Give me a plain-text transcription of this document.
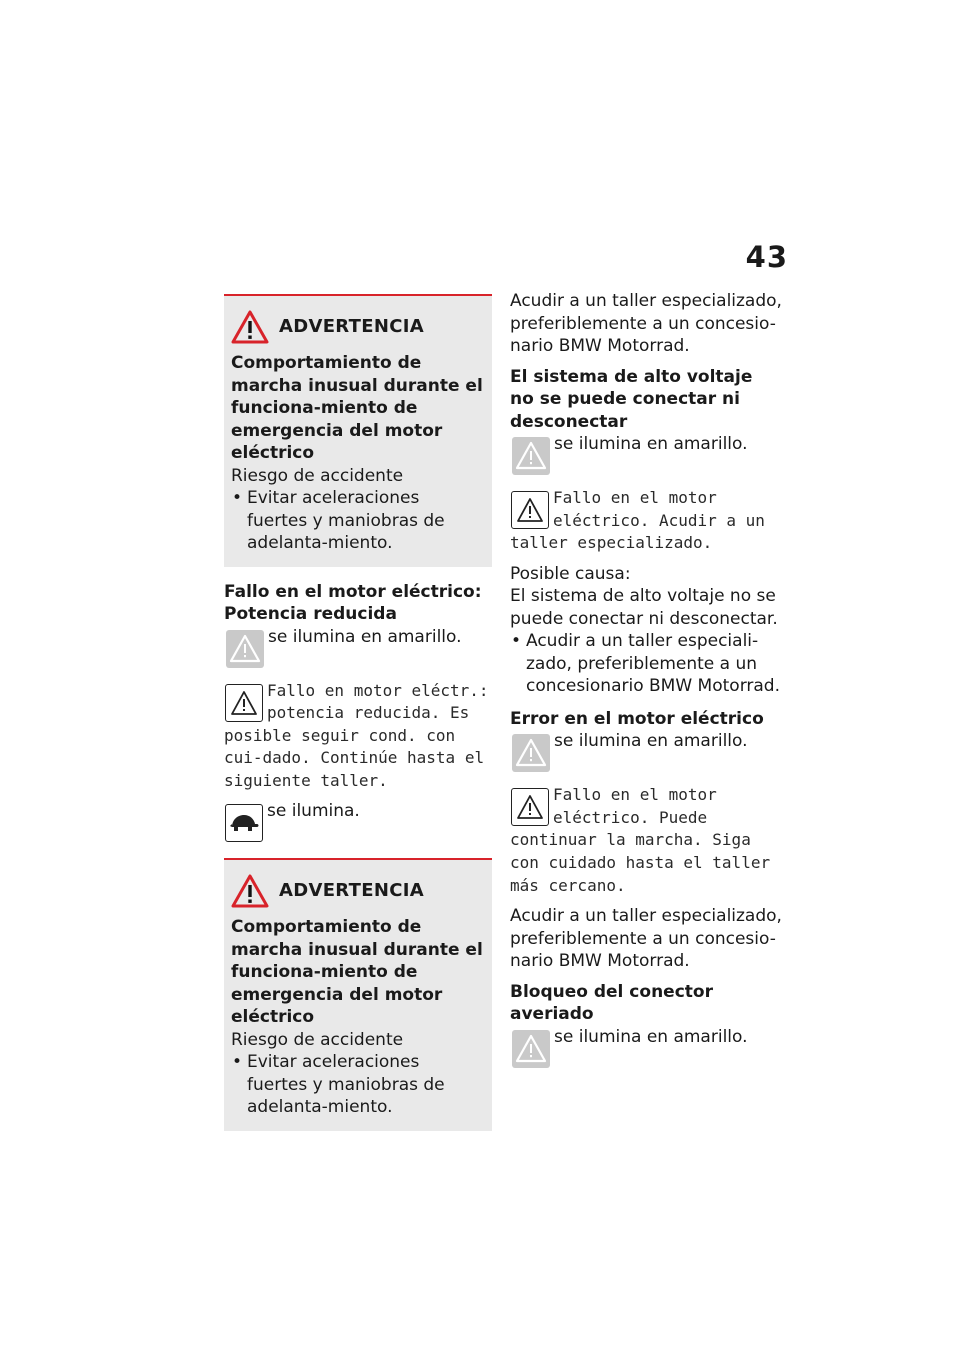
43
ADVERTENCIA
Comportamiento de marcha inusual durante el funciona-miento de emergencia del motor eléctrico
Riesgo de accidente
• Evitar aceleraciones fuertes y maniobras de adelanta-miento.
Fallo en el motor eléctrico: Potencia reducida
se ilumina en amarillo.
Fallo en motor eléctr.: potencia reducida. Es posible seguir cond. con cui-dado. Continúe hasta el siguiente taller.
se ilumina.
ADVERTENCIA
Comportamiento de marcha inusual durante el funciona-miento de emergencia del motor eléctrico
Riesgo de accidente
• Evitar aceleraciones fuertes y maniobras de adelanta-miento.
Acudir a un taller especializado, preferiblemente a un concesio-nario BMW Motorrad.
El sistema de alto voltaje no se puede conectar ni desconectar
se ilumina en amarillo.
Fallo en el motor eléctrico. Acudir a un taller especializado.
Posible causa:
El sistema de alto voltaje no se puede conectar ni desconectar.
• Acudir a un taller especiali-zado, preferiblemente a un concesionario BMW Motorrad.
Error en el motor eléctrico
se ilumina en amarillo.
Fallo en el motor eléctrico. Puede continuar la marcha. Siga con cuidado hasta el taller más cercano.
Acudir a un taller especializado, preferiblemente a un concesio-nario BMW Motorrad.
Bloqueo del conector averiado
se ilumina en amarillo.
